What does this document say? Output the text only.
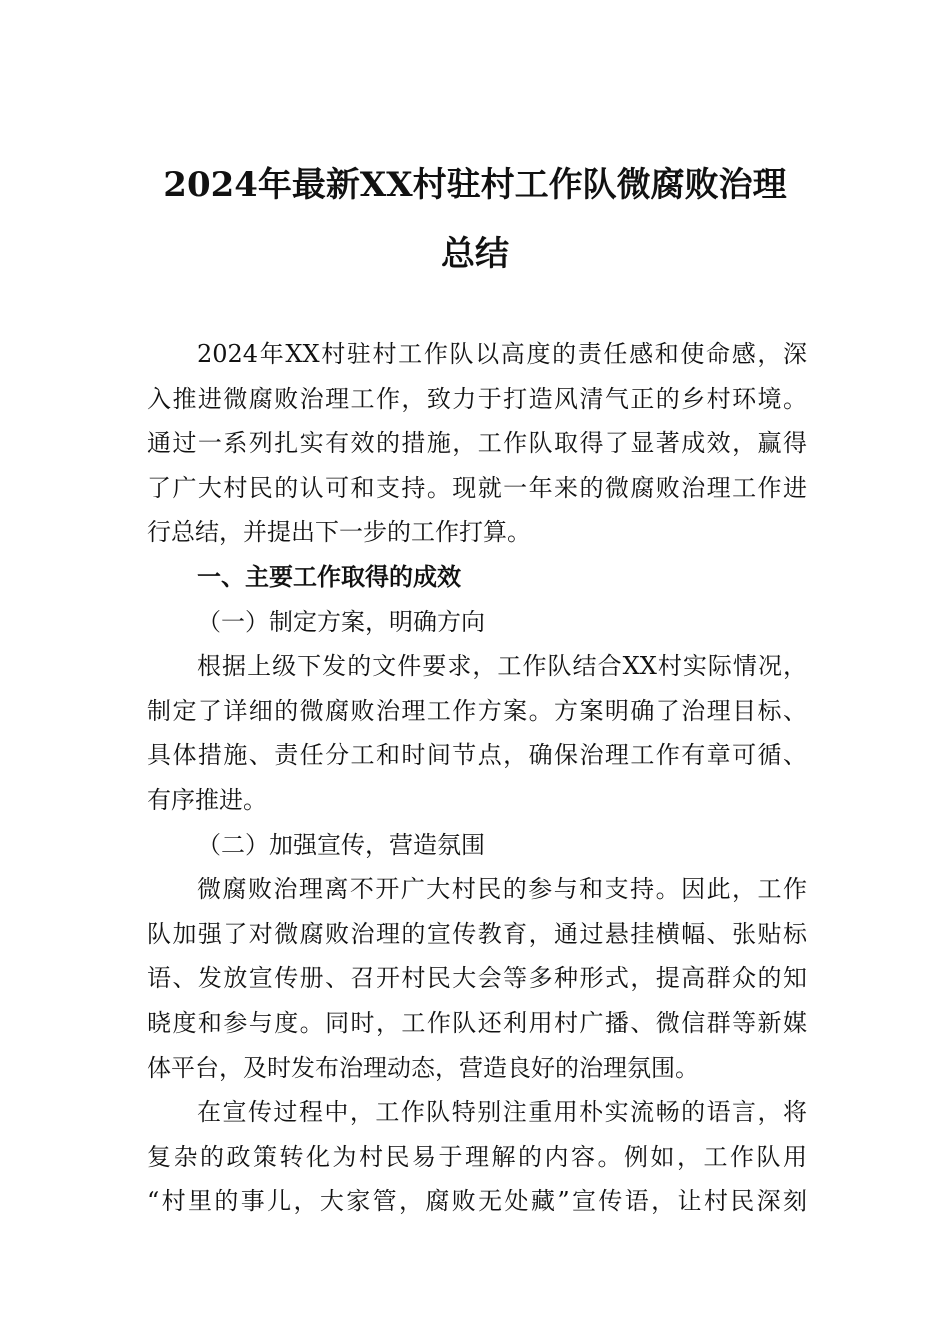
2024年最新XX村驻村工作队微腐败治理
总结
2024年XX村驻村工作队以高度的责任感和使命感，深
入推进微腐败治理工作，致力于打造风清气正的乡村环境。
通过一系列扎实有效的措施，工作队取得了显著成效，赢得
了广大村民的认可和支持。现就一年来的微腐败治理工作进
行总结，并提出下一步的工作打算。
一、主要工作取得的成效
（一）制定方案，明确方向
根据上级下发的文件要求，工作队结合XX村实际情况，
制定了详细的微腐败治理工作方案。方案明确了治理目标、
具体措施、责任分工和时间节点，确保治理工作有章可循、
有序推进。
（二）加强宣传，营造氛围
微腐败治理离不开广大村民的参与和支持。因此，工作
队加强了对微腐败治理的宣传教育，通过悬挂横幅、张贴标
语、发放宣传册、召开村民大会等多种形式，提高群众的知
晓度和参与度。同时，工作队还利用村广播、微信群等新媒
体平台，及时发布治理动态，营造良好的治理氛围。
在宣传过程中，工作队特别注重用朴实流畅的语言，将
复杂的政策转化为村民易于理解的内容。例如，工作队用
“村里的事儿，大家管，腐败无处藏”宣传语，让村民深刻
